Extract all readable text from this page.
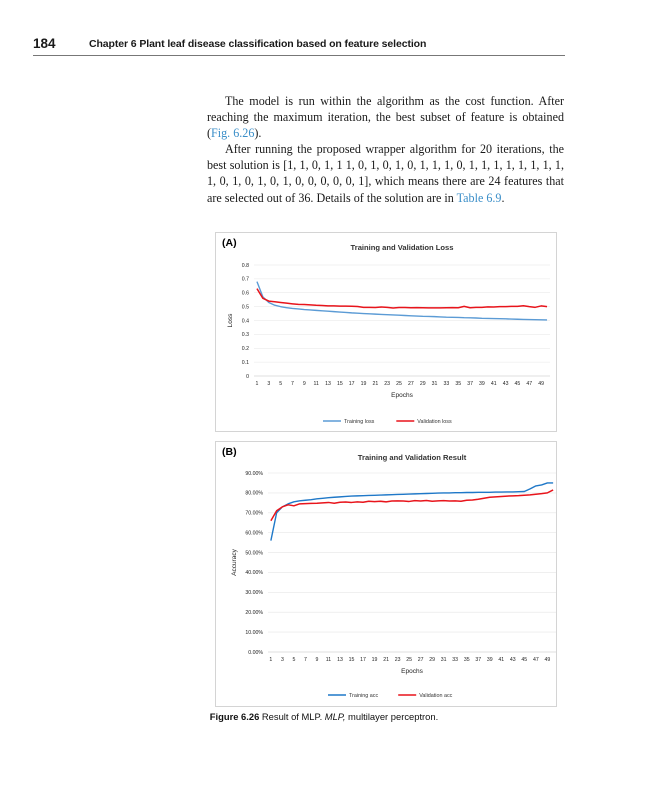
184	Chapter 6 Plant leaf disease classification based on feature selection

The model is run within the algorithm as the cost function. After reaching the maximum iteration, the best subset of feature is obtained (Fig. 6.26).

After running the proposed wrapper algorithm for 20 iterations, the best solution is [1, 1, 0, 1, 1 1, 0, 1, 0, 1, 0, 1, 1, 1, 0, 1, 1, 1, 1, 1, 1, 1, 1, 1, 0, 1, 0, 1, 0, 1, 0, 0, 0, 0, 0, 1], which means there are 24 features that are selected out of 36. Details of the solution are in Table 6.9.

(A)	Training and Validation Loss
0
0.1
0.2
0.3
0.4
0.5
0.6
0.7
0.8
1 3 5 7 9 11 13 15 17 19 21 23 25 27 29 31 33 35 37 39 41 43 45 47 49
Epochs
Loss
Training loss	Validation loss
(B)	Training and Validation Result
0.00%
10.00%
20.00%
30.00%
40.00%
50.00%
60.00%
70.00%
80.00%
90.00%
1 3 5 7 9 11 13 15 17 19 21 23 25 27 29 31 33 35 37 39 41 43 45 47 49
Epochs
Accuracy
Training acc	Validation acc
Figure 6.26 Result of MLP. MLP, multilayer perceptron.
